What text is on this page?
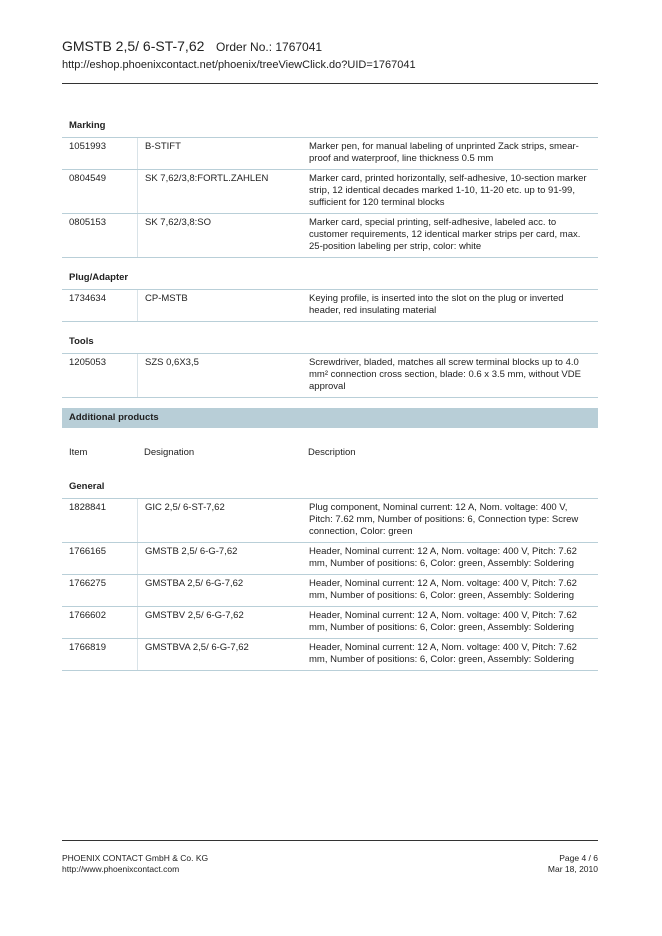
GMSTB 2,5/ 6-ST-7,62 Order No.: 1767041
http://eshop.phoenixcontact.net/phoenix/treeViewClick.do?UID=1767041
Marking
1051993	B-STIFT	Marker pen, for manual labeling of unprinted Zack strips, smear-proof and waterproof, line thickness 0.5 mm
0804549	SK 7,62/3,8:FORTL.ZAHLEN	Marker card, printed horizontally, self-adhesive, 10-section marker strip, 12 identical decades marked 1-10, 11-20 etc. up to 91-99, sufficient for 120 terminal blocks
0805153	SK 7,62/3,8:SO	Marker card, special printing, self-adhesive, labeled acc. to customer requirements, 12 identical marker strips per card, max. 25-position labeling per strip, color: white
Plug/Adapter
1734634	CP-MSTB	Keying profile, is inserted into the slot on the plug or inverted header, red insulating material
Tools
1205053	SZS 0,6X3,5	Screwdriver, bladed, matches all screw terminal blocks up to 4.0 mm² connection cross section, blade: 0.6 x 3.5 mm, without VDE approval
Additional products
Item	Designation	Description
General
1828841	GIC 2,5/ 6-ST-7,62	Plug component, Nominal current: 12 A, Nom. voltage: 400 V, Pitch: 7.62 mm, Number of positions: 6, Connection type: Screw connection, Color: green
1766165	GMSTB 2,5/ 6-G-7,62	Header, Nominal current: 12 A, Nom. voltage: 400 V, Pitch: 7.62 mm, Number of positions: 6, Color: green, Assembly: Soldering
1766275	GMSTBA 2,5/ 6-G-7,62	Header, Nominal current: 12 A, Nom. voltage: 400 V, Pitch: 7.62 mm, Number of positions: 6, Color: green, Assembly: Soldering
1766602	GMSTBV 2,5/ 6-G-7,62	Header, Nominal current: 12 A, Nom. voltage: 400 V, Pitch: 7.62 mm, Number of positions: 6, Color: green, Assembly: Soldering
1766819	GMSTBVA 2,5/ 6-G-7,62	Header, Nominal current: 12 A, Nom. voltage: 400 V, Pitch: 7.62 mm, Number of positions: 6, Color: green, Assembly: Soldering
PHOENIX CONTACT GmbH & Co. KG
http://www.phoenixcontact.com
Page 4 / 6
Mar 18, 2010
